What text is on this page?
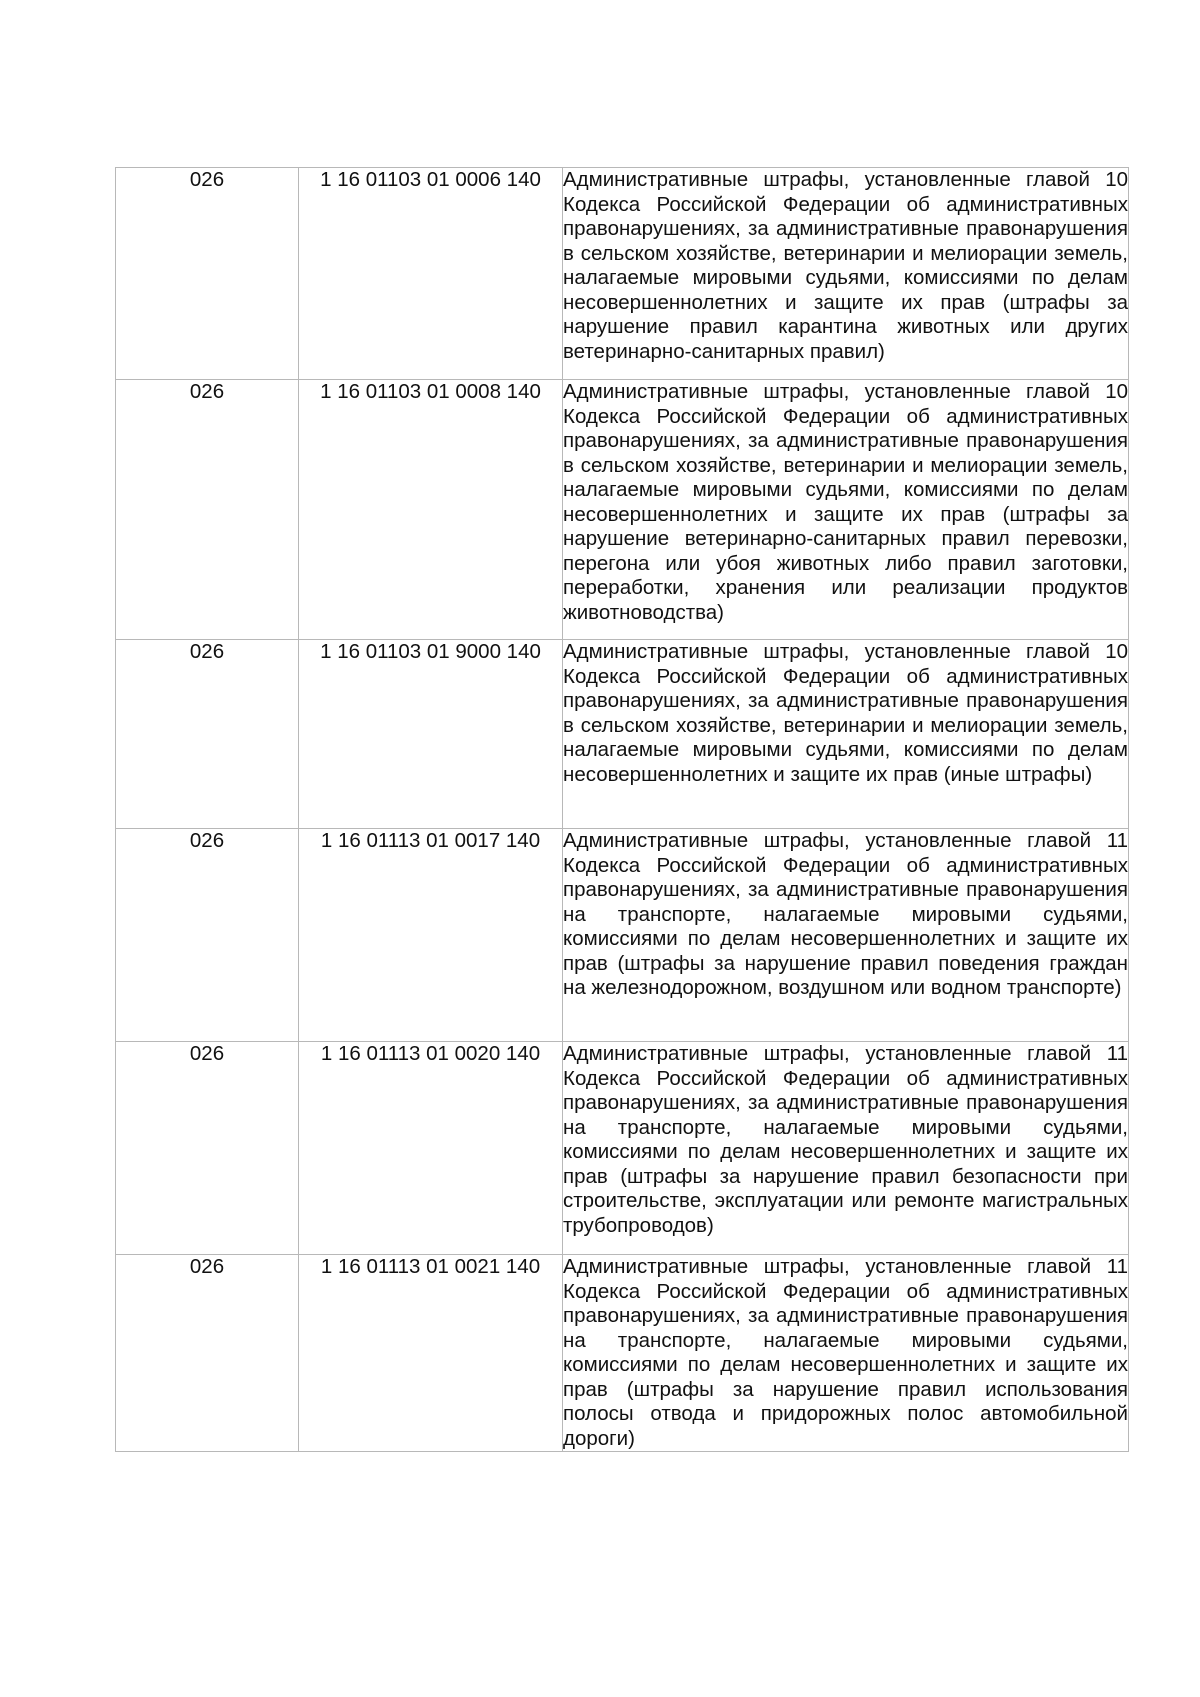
026	1 16 01103 01 0006 140	Административные штрафы, установленные главой 10 Кодекса Российской Федерации об административных правонарушениях, за административные правонарушения в сельском хозяйстве, ветеринарии и мелиорации земель, налагаемые мировыми судьями, комиссиями по делам несовершеннолетних и защите их прав (штрафы за нарушение правил карантина животных или других ветеринарно-санитарных правил)

026	1 16 01103 01 0008 140	Административные штрафы, установленные главой 10 Кодекса Российской Федерации об административных правонарушениях, за административные правонарушения в сельском хозяйстве, ветеринарии и мелиорации земель, налагаемые мировыми судьями, комиссиями по делам несовершеннолетних и защите их прав (штрафы за нарушение ветеринарно-санитарных правил перевозки, перегона или убоя животных либо правил заготовки, переработки, хранения или реализации продуктов животноводства)

026	1 16 01103 01 9000 140	Административные штрафы, установленные главой 10 Кодекса Российской Федерации об административных правонарушениях, за административные правонарушения в сельском хозяйстве, ветеринарии и мелиорации земель, налагаемые мировыми судьями, комиссиями по делам несовершеннолетних и защите их прав (иные штрафы)

026	1 16 01113 01 0017 140	Административные штрафы, установленные главой 11 Кодекса Российской Федерации об административных правонарушениях, за административные правонарушения на транспорте, налагаемые мировыми судьями, комиссиями по делам несовершеннолетних и защите их прав (штрафы за нарушение правил поведения граждан на железнодорожном, воздушном или водном транспорте)

026	1 16 01113 01 0020 140	Административные штрафы, установленные главой 11 Кодекса Российской Федерации об административных правонарушениях, за административные правонарушения на транспорте, налагаемые мировыми судьями, комиссиями по делам несовершеннолетних и защите их прав (штрафы за нарушение правил безопасности при строительстве, эксплуатации или ремонте магистральных трубопроводов)

026	1 16 01113 01 0021 140	Административные штрафы, установленные главой 11 Кодекса Российской Федерации об административных правонарушениях, за административные правонарушения на транспорте, налагаемые мировыми судьями, комиссиями по делам несовершеннолетних и защите их прав (штрафы за нарушение правил использования полосы отвода и придорожных полос автомобильной дороги)
